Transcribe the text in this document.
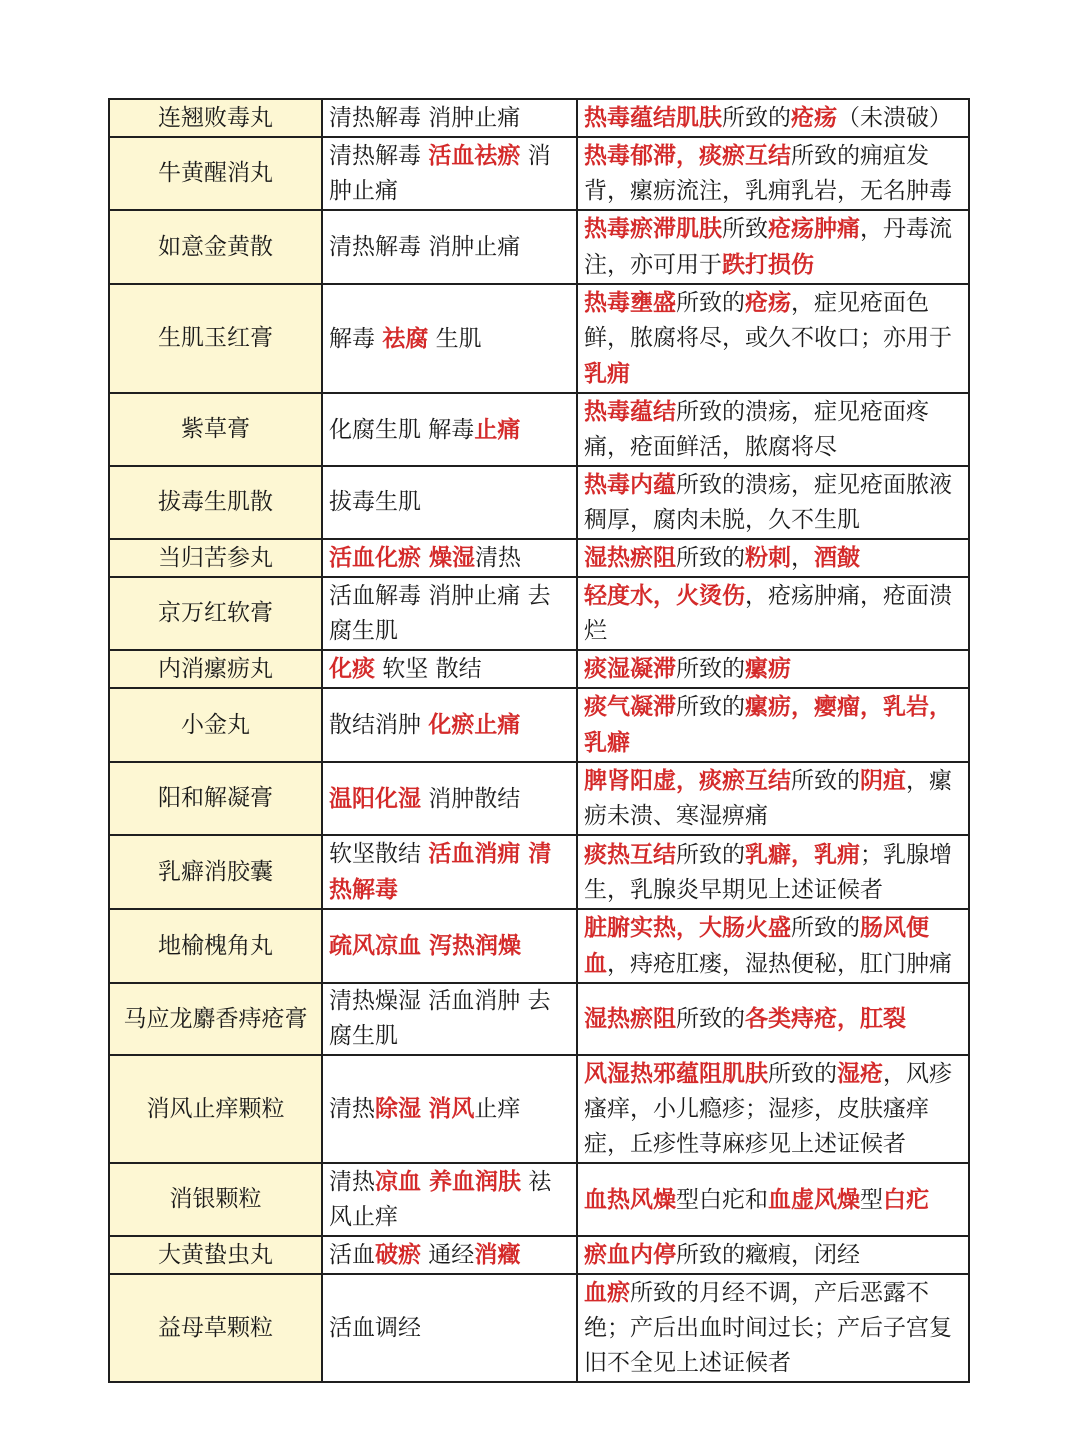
连翘败毒丸	清热解毒 消肿止痛	热毒蕴结肌肤所致的疮疡（未溃破）
牛黄醒消丸	清热解毒 活血祛瘀 消肿止痛	热毒郁滞，痰瘀互结所致的痈疽发背，瘰疬流注，乳痈乳岩，无名肿毒
如意金黄散	清热解毒 消肿止痛	热毒瘀滞肌肤所致疮疡肿痛，丹毒流注，亦可用于跌打损伤
生肌玉红膏	解毒 祛腐 生肌	热毒壅盛所致的疮疡，症见疮面色鲜，脓腐将尽，或久不收口；亦用于乳痈
紫草膏	化腐生肌 解毒止痛	热毒蕴结所致的溃疡，症见疮面疼痛，疮面鲜活，脓腐将尽
拔毒生肌散	拔毒生肌	热毒内蕴所致的溃疡，症见疮面脓液稠厚，腐肉未脱，久不生肌
当归苦参丸	活血化瘀 燥湿清热	湿热瘀阻所致的粉刺，酒皶
京万红软膏	活血解毒 消肿止痛 去腐生肌	轻度水，火烫伤，疮疡肿痛，疮面溃烂
内消瘰疬丸	化痰 软坚 散结	痰湿凝滞所致的瘰疬
小金丸	散结消肿 化瘀止痛	痰气凝滞所致的瘰疬，瘿瘤，乳岩，乳癖
阳和解凝膏	温阳化湿 消肿散结	脾肾阳虚，痰瘀互结所致的阴疽，瘰疬未溃、寒湿痹痛
乳癖消胶囊	软坚散结 活血消痈 清热解毒	痰热互结所致的乳癖，乳痈；乳腺增生，乳腺炎早期见上述证候者
地榆槐角丸	疏风凉血 泻热润燥	脏腑实热，大肠火盛所致的肠风便血，痔疮肛瘘，湿热便秘，肛门肿痛
马应龙麝香痔疮膏	清热燥湿 活血消肿 去腐生肌	湿热瘀阻所致的各类痔疮，肛裂
消风止痒颗粒	清热除湿 消风止痒	风湿热邪蕴阻肌肤所致的湿疮，风疹瘙痒，小儿瘾疹；湿疹，皮肤瘙痒症，丘疹性荨麻疹见上述证候者
消银颗粒	清热凉血 养血润肤 祛风止痒	血热风燥型白疕和血虚风燥型白疕
大黄蛰虫丸	活血破瘀 通经消癥	瘀血内停所致的癥瘕，闭经
益母草颗粒	活血调经	血瘀所致的月经不调，产后恶露不绝；产后出血时间过长；产后子宫复旧不全见上述证候者
